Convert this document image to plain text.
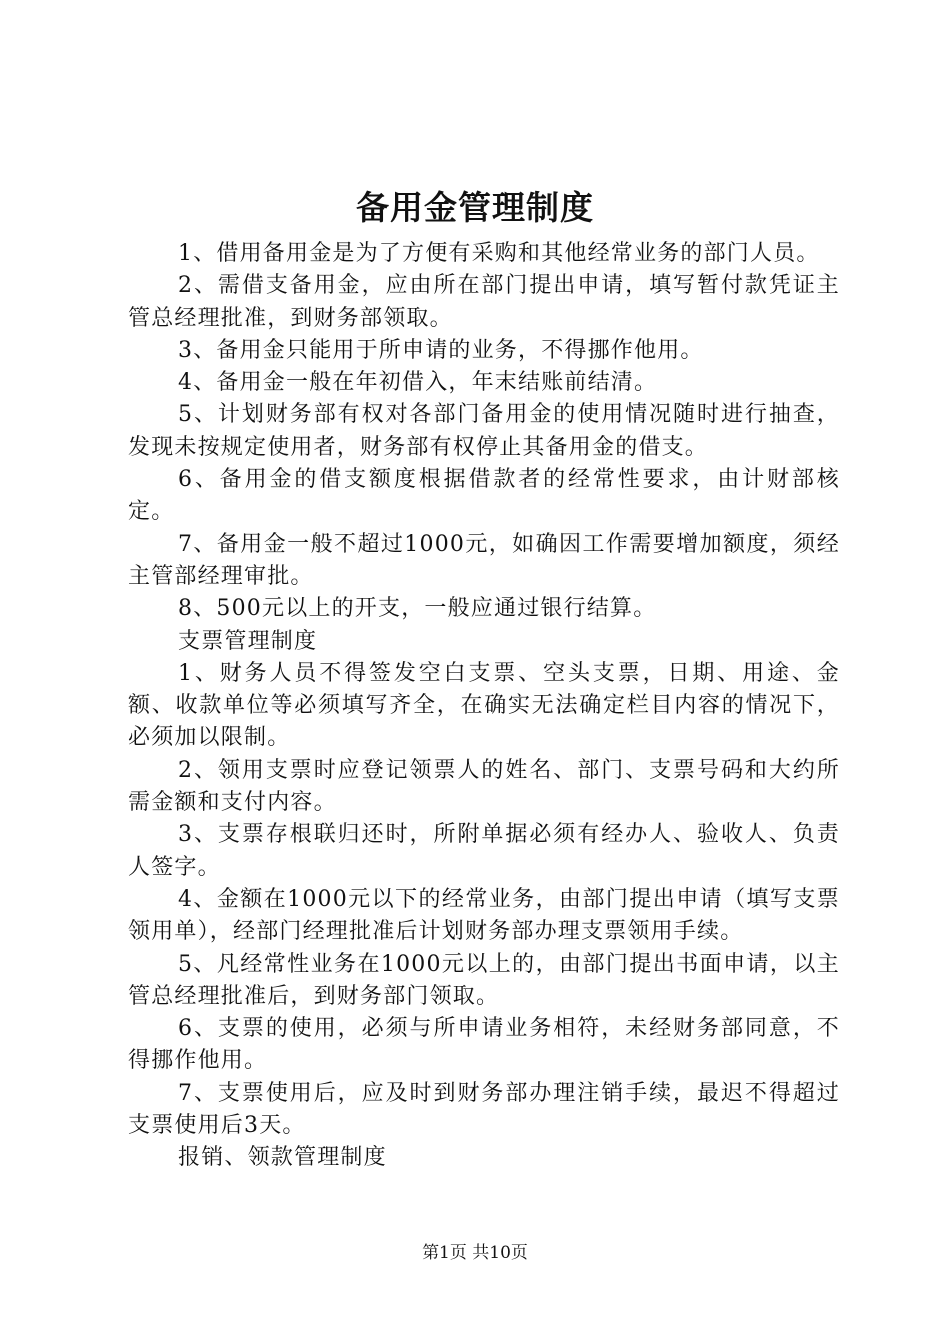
备用金管理制度

1、借用备用金是为了方便有采购和其他经常业务的部门人员。

2、需借支备用金，应由所在部门提出申请，填写暂付款凭证主管总经理批准，到财务部领取。

3、备用金只能用于所申请的业务，不得挪作他用。

4、备用金一般在年初借入，年末结账前结清。

5、计划财务部有权对各部门备用金的使用情况随时进行抽查，发现未按规定使用者，财务部有权停止其备用金的借支。

6、备用金的借支额度根据借款者的经常性要求，由计财部核定。

7、备用金一般不超过1000元，如确因工作需要增加额度，须经主管部经理审批。

8、500元以上的开支，一般应通过银行结算。

支票管理制度

1、财务人员不得签发空白支票、空头支票，日期、用途、金额、收款单位等必须填写齐全，在确实无法确定栏目内容的情况下，必须加以限制。

2、领用支票时应登记领票人的姓名、部门、支票号码和大约所需金额和支付内容。

3、支票存根联归还时，所附单据必须有经办人、验收人、负责人签字。

4、金额在1000元以下的经常业务，由部门提出申请（填写支票领用单），经部门经理批准后计划财务部办理支票领用手续。

5、凡经常性业务在1000元以上的，由部门提出书面申请，以主管总经理批准后，到财务部门领取。

6、支票的使用，必须与所申请业务相符，未经财务部同意，不得挪作他用。

7、支票使用后，应及时到财务部办理注销手续，最迟不得超过支票使用后3天。

报销、领款管理制度

第1页 共10页
